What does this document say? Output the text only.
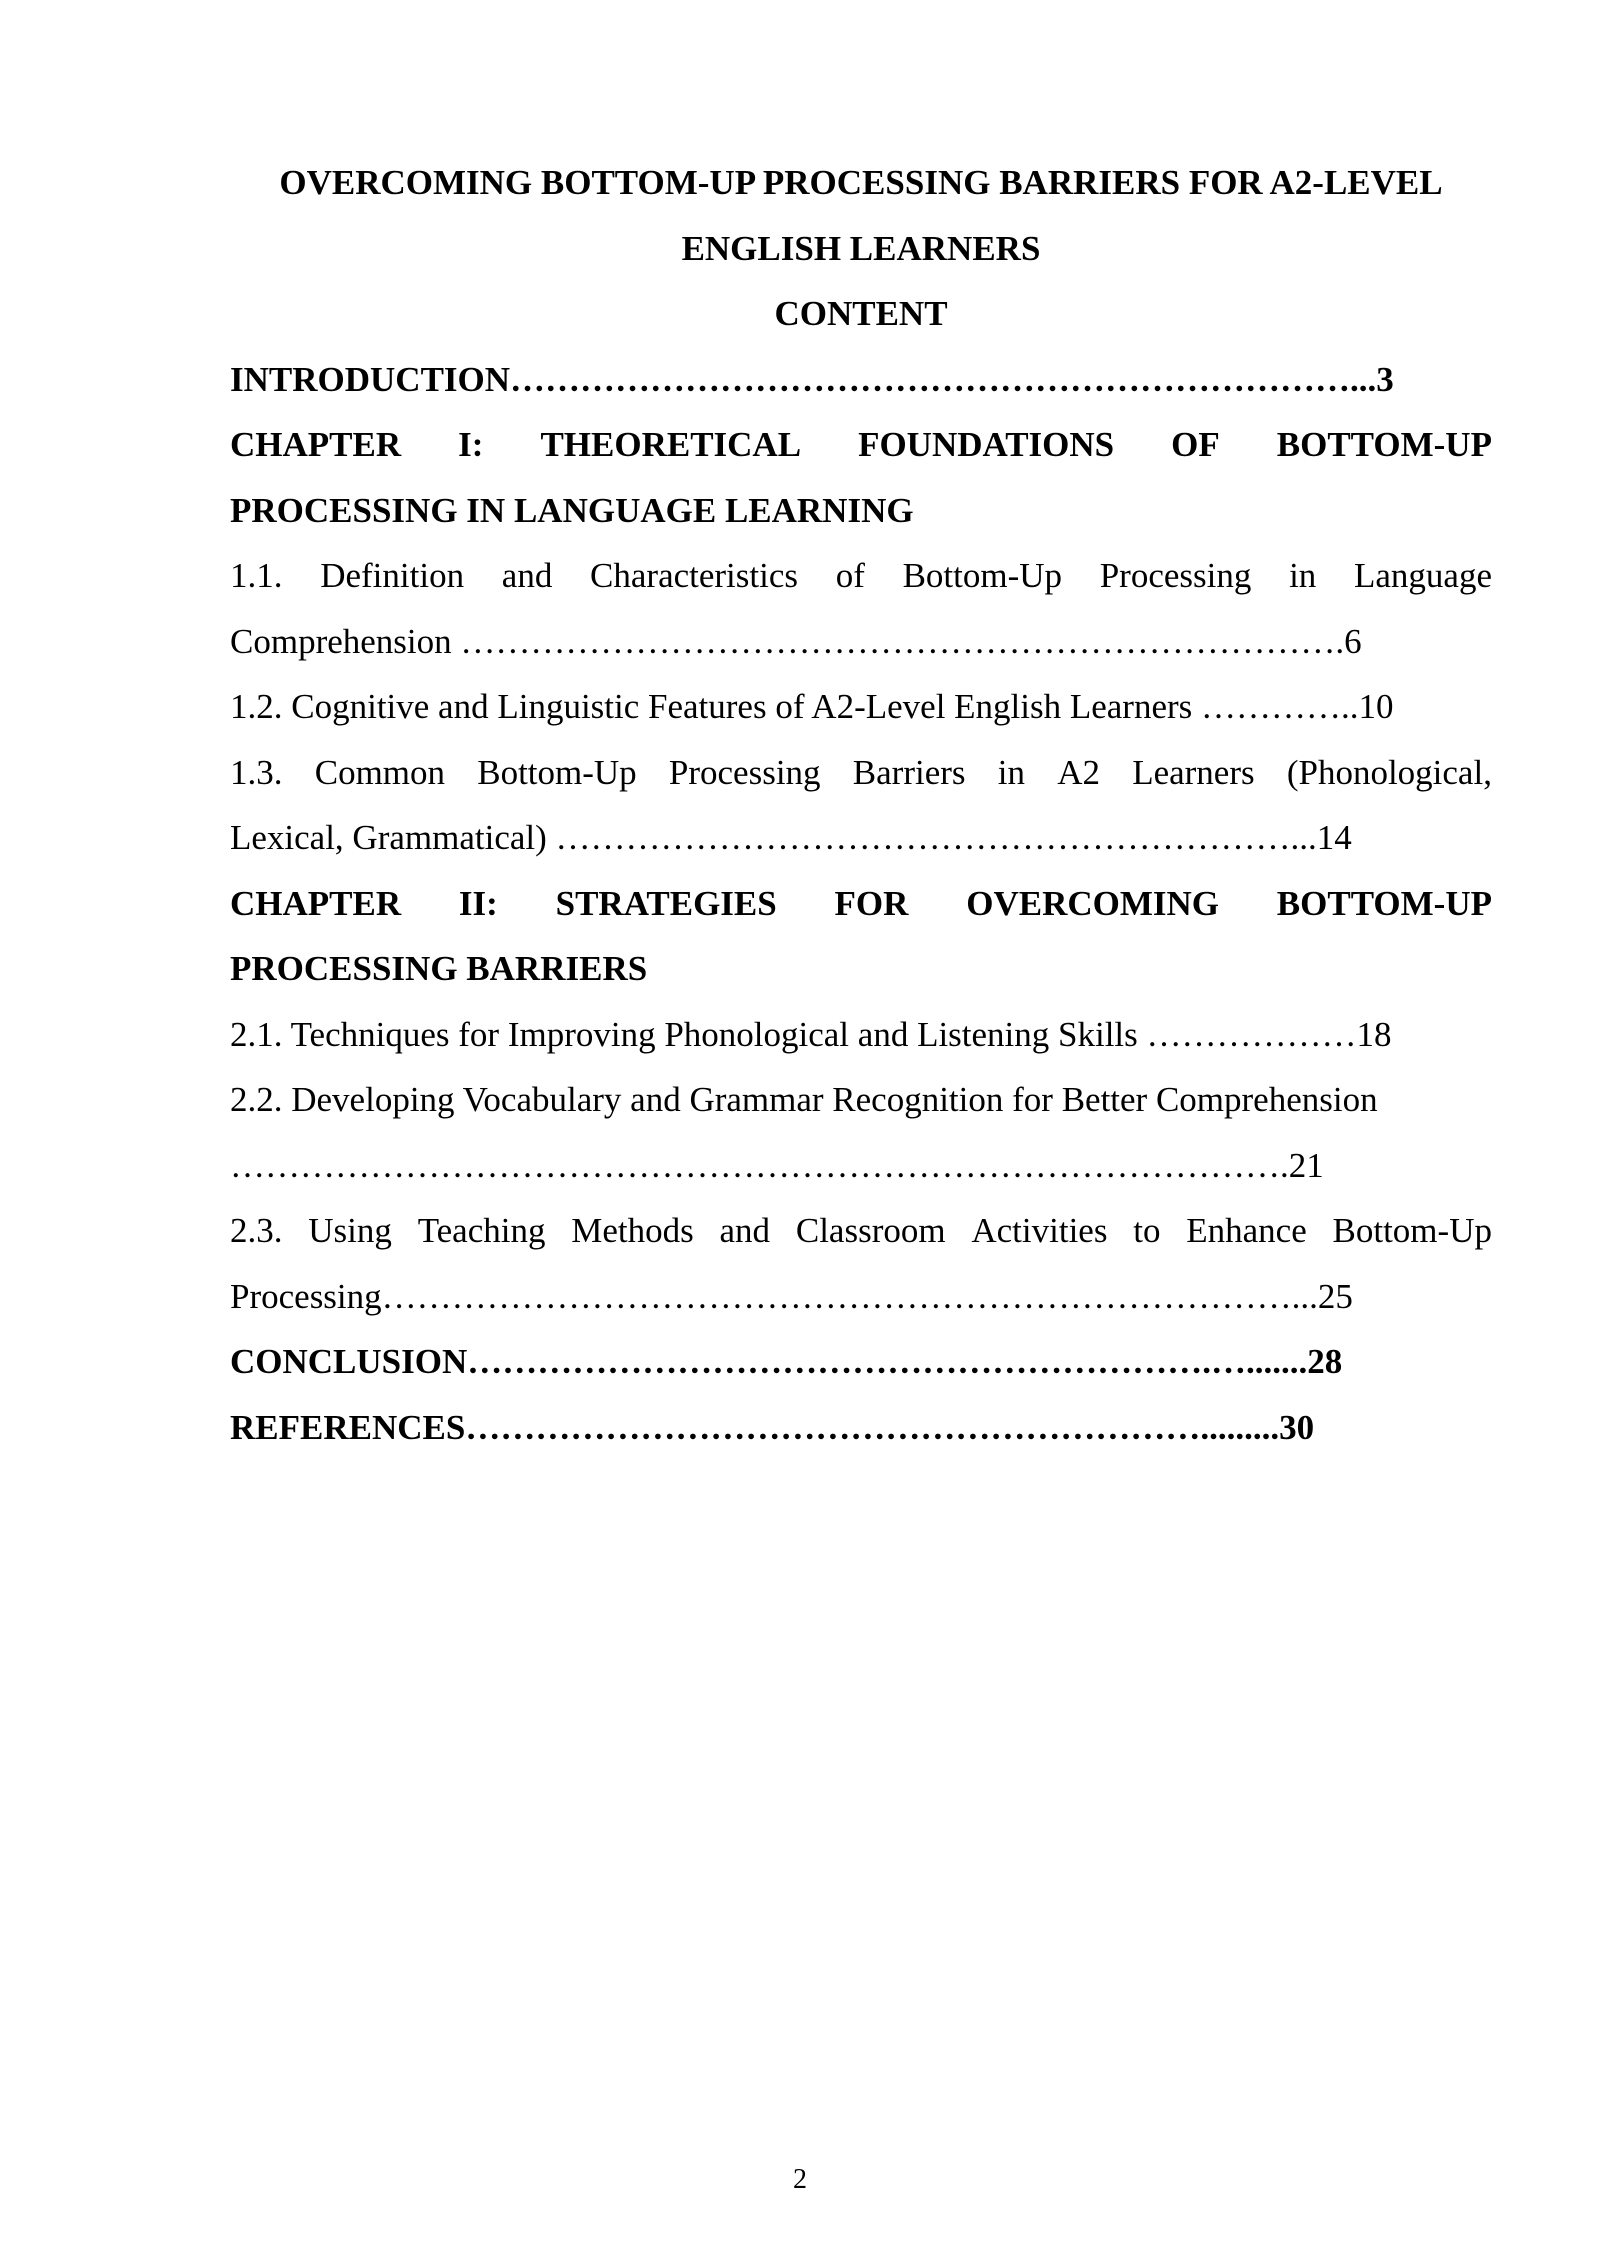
OVERCOMING BOTTOM-UP PROCESSING BARRIERS FOR A2-LEVEL
ENGLISH LEARNERS
CONTENT
INTRODUCTION………………………………………………………………...3
CHAPTER I: THEORETICAL FOUNDATIONS OF BOTTOM-UP
PROCESSING IN LANGUAGE LEARNING
1.1. Definition and Characteristics of Bottom-Up Processing in Language
Comprehension ………………………………………………………………….6
1.2. Cognitive and Linguistic Features of A2-Level English Learners …………..10
1.3. Common Bottom-Up Processing Barriers in A2 Learners (Phonological,
Lexical, Grammatical) ………………………………………………………...14
CHAPTER II: STRATEGIES FOR OVERCOMING BOTTOM-UP
PROCESSING BARRIERS
2.1. Techniques for Improving Phonological and Listening Skills ………………18
2.2. Developing Vocabulary and Grammar Recognition for Better Comprehension
……………………………………………………………………………….21
2.3. Using Teaching Methods and Classroom Activities to Enhance Bottom-Up
Processing……………………………………………………………………...25
CONCLUSION……………………………………………………….….......28
REFERENCES……………………………………………………….........30
2
